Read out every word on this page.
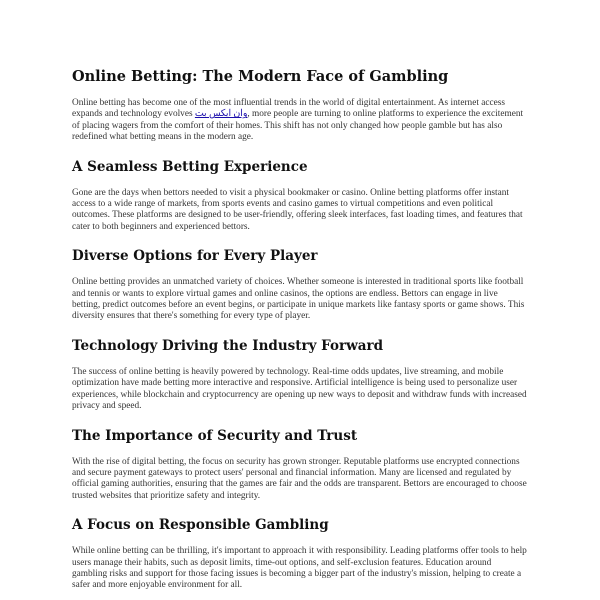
Online Betting: The Modern Face of Gambling

Online betting has become one of the most influential trends in the world of digital entertainment. As internet access expands and technology evolves وان ایکس بت, more people are turning to online platforms to experience the excitement of placing wagers from the comfort of their homes. This shift has not only changed how people gamble but has also redefined what betting means in the modern age.

A Seamless Betting Experience

Gone are the days when bettors needed to visit a physical bookmaker or casino. Online betting platforms offer instant access to a wide range of markets, from sports events and casino games to virtual competitions and even political outcomes. These platforms are designed to be user-friendly, offering sleek interfaces, fast loading times, and features that cater to both beginners and experienced bettors.

Diverse Options for Every Player

Online betting provides an unmatched variety of choices. Whether someone is interested in traditional sports like football and tennis or wants to explore virtual games and online casinos, the options are endless. Bettors can engage in live betting, predict outcomes before an event begins, or participate in unique markets like fantasy sports or game shows. This diversity ensures that there's something for every type of player.

Technology Driving the Industry Forward

The success of online betting is heavily powered by technology. Real-time odds updates, live streaming, and mobile optimization have made betting more interactive and responsive. Artificial intelligence is being used to personalize user experiences, while blockchain and cryptocurrency are opening up new ways to deposit and withdraw funds with increased privacy and speed.

The Importance of Security and Trust

With the rise of digital betting, the focus on security has grown stronger. Reputable platforms use encrypted connections and secure payment gateways to protect users' personal and financial information. Many are licensed and regulated by official gaming authorities, ensuring that the games are fair and the odds are transparent. Bettors are encouraged to choose trusted websites that prioritize safety and integrity.

A Focus on Responsible Gambling

While online betting can be thrilling, it's important to approach it with responsibility. Leading platforms offer tools to help users manage their habits, such as deposit limits, time-out options, and self-exclusion features. Education around gambling risks and support for those facing issues is becoming a bigger part of the industry's mission, helping to create a safer and more enjoyable environment for all.
